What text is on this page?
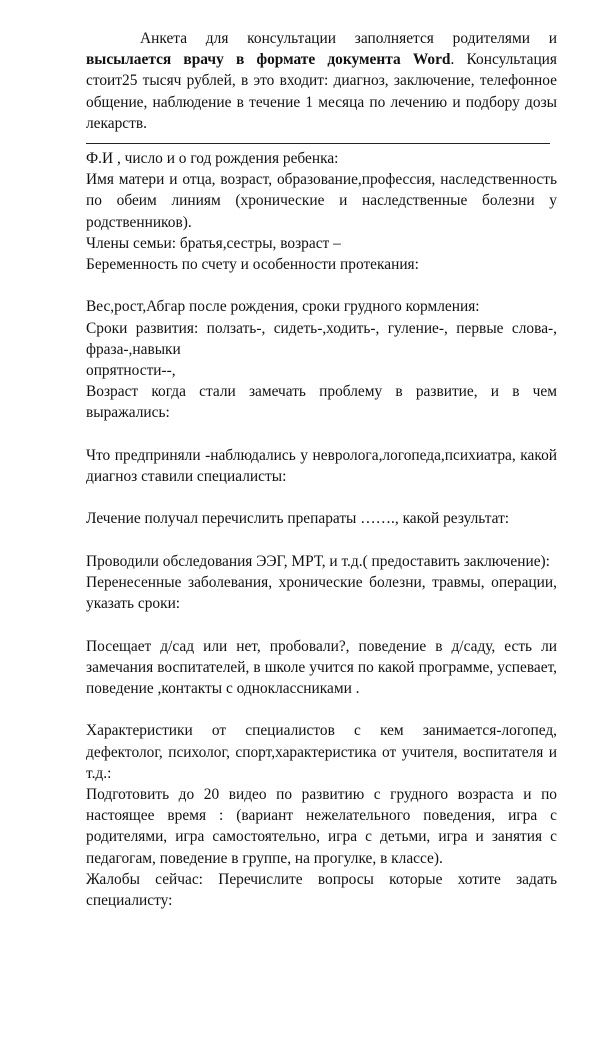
Анкета для консультации заполняется родителями и высылается врачу в формате документа Word. Консультация стоит25 тысяч рублей, в это входит: диагноз, заключение, телефонное общение, наблюдение в течение 1 месяца по лечению и подбору дозы лекарств.

Ф.И , число и о год рождения ребенка:

Имя матери и отца, возраст, образование,профессия, наследственность по обеим линиям (хронические и наследственные болезни у родственников).

Члены семьи: братья,сестры, возраст –

Беременность по счету и особенности протекания:

Вес,рост,Абгар после рождения, сроки грудного кормления:

Сроки развития: ползать-, сидеть-,ходить-, гуление-, первые слова-, фраза-,навыки

опрятности--,

Возраст когда стали замечать проблему в развитие, и в чем выражались:

Что предприняли -наблюдались у невролога,логопеда,психиатра, какой диагноз ставили специалисты:

Лечение получал перечислить препараты ……., какой результат:

Проводили обследования ЭЭГ, МРТ, и т.д.( предоставить заключение):

Перенесенные заболевания, хронические болезни, травмы, операции, указать сроки:

Посещает д/сад или нет, пробовали?, поведение в д/саду, есть ли замечания воспитателей, в школе учится по какой программе, успевает, поведение ,контакты с одноклассниками .

Характеристики от специалистов с кем занимается-логопед, дефектолог, психолог, спорт,характеристика от учителя, воспитателя и т.д.:

Подготовить до 20 видео по развитию с грудного возраста и по настоящее время : (вариант нежелательного поведения, игра с родителями, игра самостоятельно, игра с детьми, игра и занятия с педагогам, поведение в группе, на прогулке, в классе).

Жалобы сейчас: Перечислите вопросы которые хотите задать специалисту:
